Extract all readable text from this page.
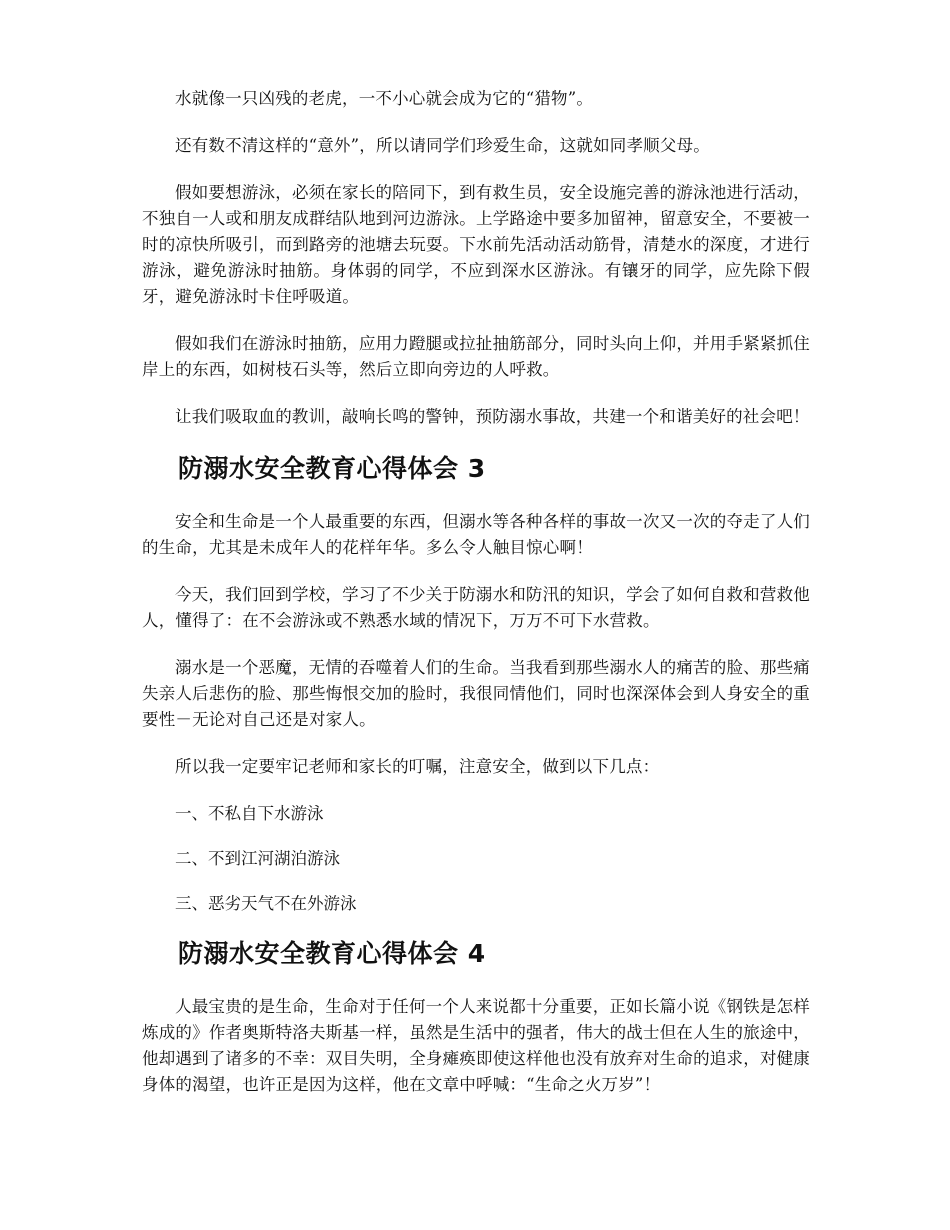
水就像一只凶残的老虎，一不小心就会成为它的“猎物”。

还有数不清这样的“意外”，所以请同学们珍爱生命，这就如同孝顺父母。

假如要想游泳，必须在家长的陪同下，到有救生员，安全设施完善的游泳池进行活动，不独自一人或和朋友成群结队地到河边游泳。上学路途中要多加留神，留意安全，不要被一时的凉快所吸引，而到路旁的池塘去玩耍。下水前先活动活动筋骨，清楚水的深度，才进行游泳，避免游泳时抽筋。身体弱的同学，不应到深水区游泳。有镶牙的同学，应先除下假牙，避免游泳时卡住呼吸道。

假如我们在游泳时抽筋，应用力蹬腿或拉扯抽筋部分，同时头向上仰，并用手紧紧抓住岸上的东西，如树枝石头等，然后立即向旁边的人呼救。

让我们吸取血的教训，敲响长鸣的警钟，预防溺水事故，共建一个和谐美好的社会吧！

防溺水安全教育心得体会 3

安全和生命是一个人最重要的东西，但溺水等各种各样的事故一次又一次的夺走了人们的生命，尤其是未成年人的花样年华。多么令人触目惊心啊！

今天，我们回到学校，学习了不少关于防溺水和防汛的知识，学会了如何自救和营救他人，懂得了：在不会游泳或不熟悉水域的情况下，万万不可下水营救。

溺水是一个恶魔，无情的吞噬着人们的生命。当我看到那些溺水人的痛苦的脸、那些痛失亲人后悲伤的脸、那些悔恨交加的脸时，我很同情他们，同时也深深体会到人身安全的重要性－无论对自己还是对家人。

所以我一定要牢记老师和家长的叮嘱，注意安全，做到以下几点：

一、不私自下水游泳

二、不到江河湖泊游泳

三、恶劣天气不在外游泳

防溺水安全教育心得体会 4

人最宝贵的是生命，生命对于任何一个人来说都十分重要，正如长篇小说《钢铁是怎样炼成的》作者奥斯特洛夫斯基一样，虽然是生活中的强者，伟大的战士但在人生的旅途中，他却遇到了诸多的不幸：双目失明，全身瘫痪即使这样他也没有放弃对生命的追求，对健康身体的渴望，也许正是因为这样，他在文章中呼喊：“生命之火万岁”！
